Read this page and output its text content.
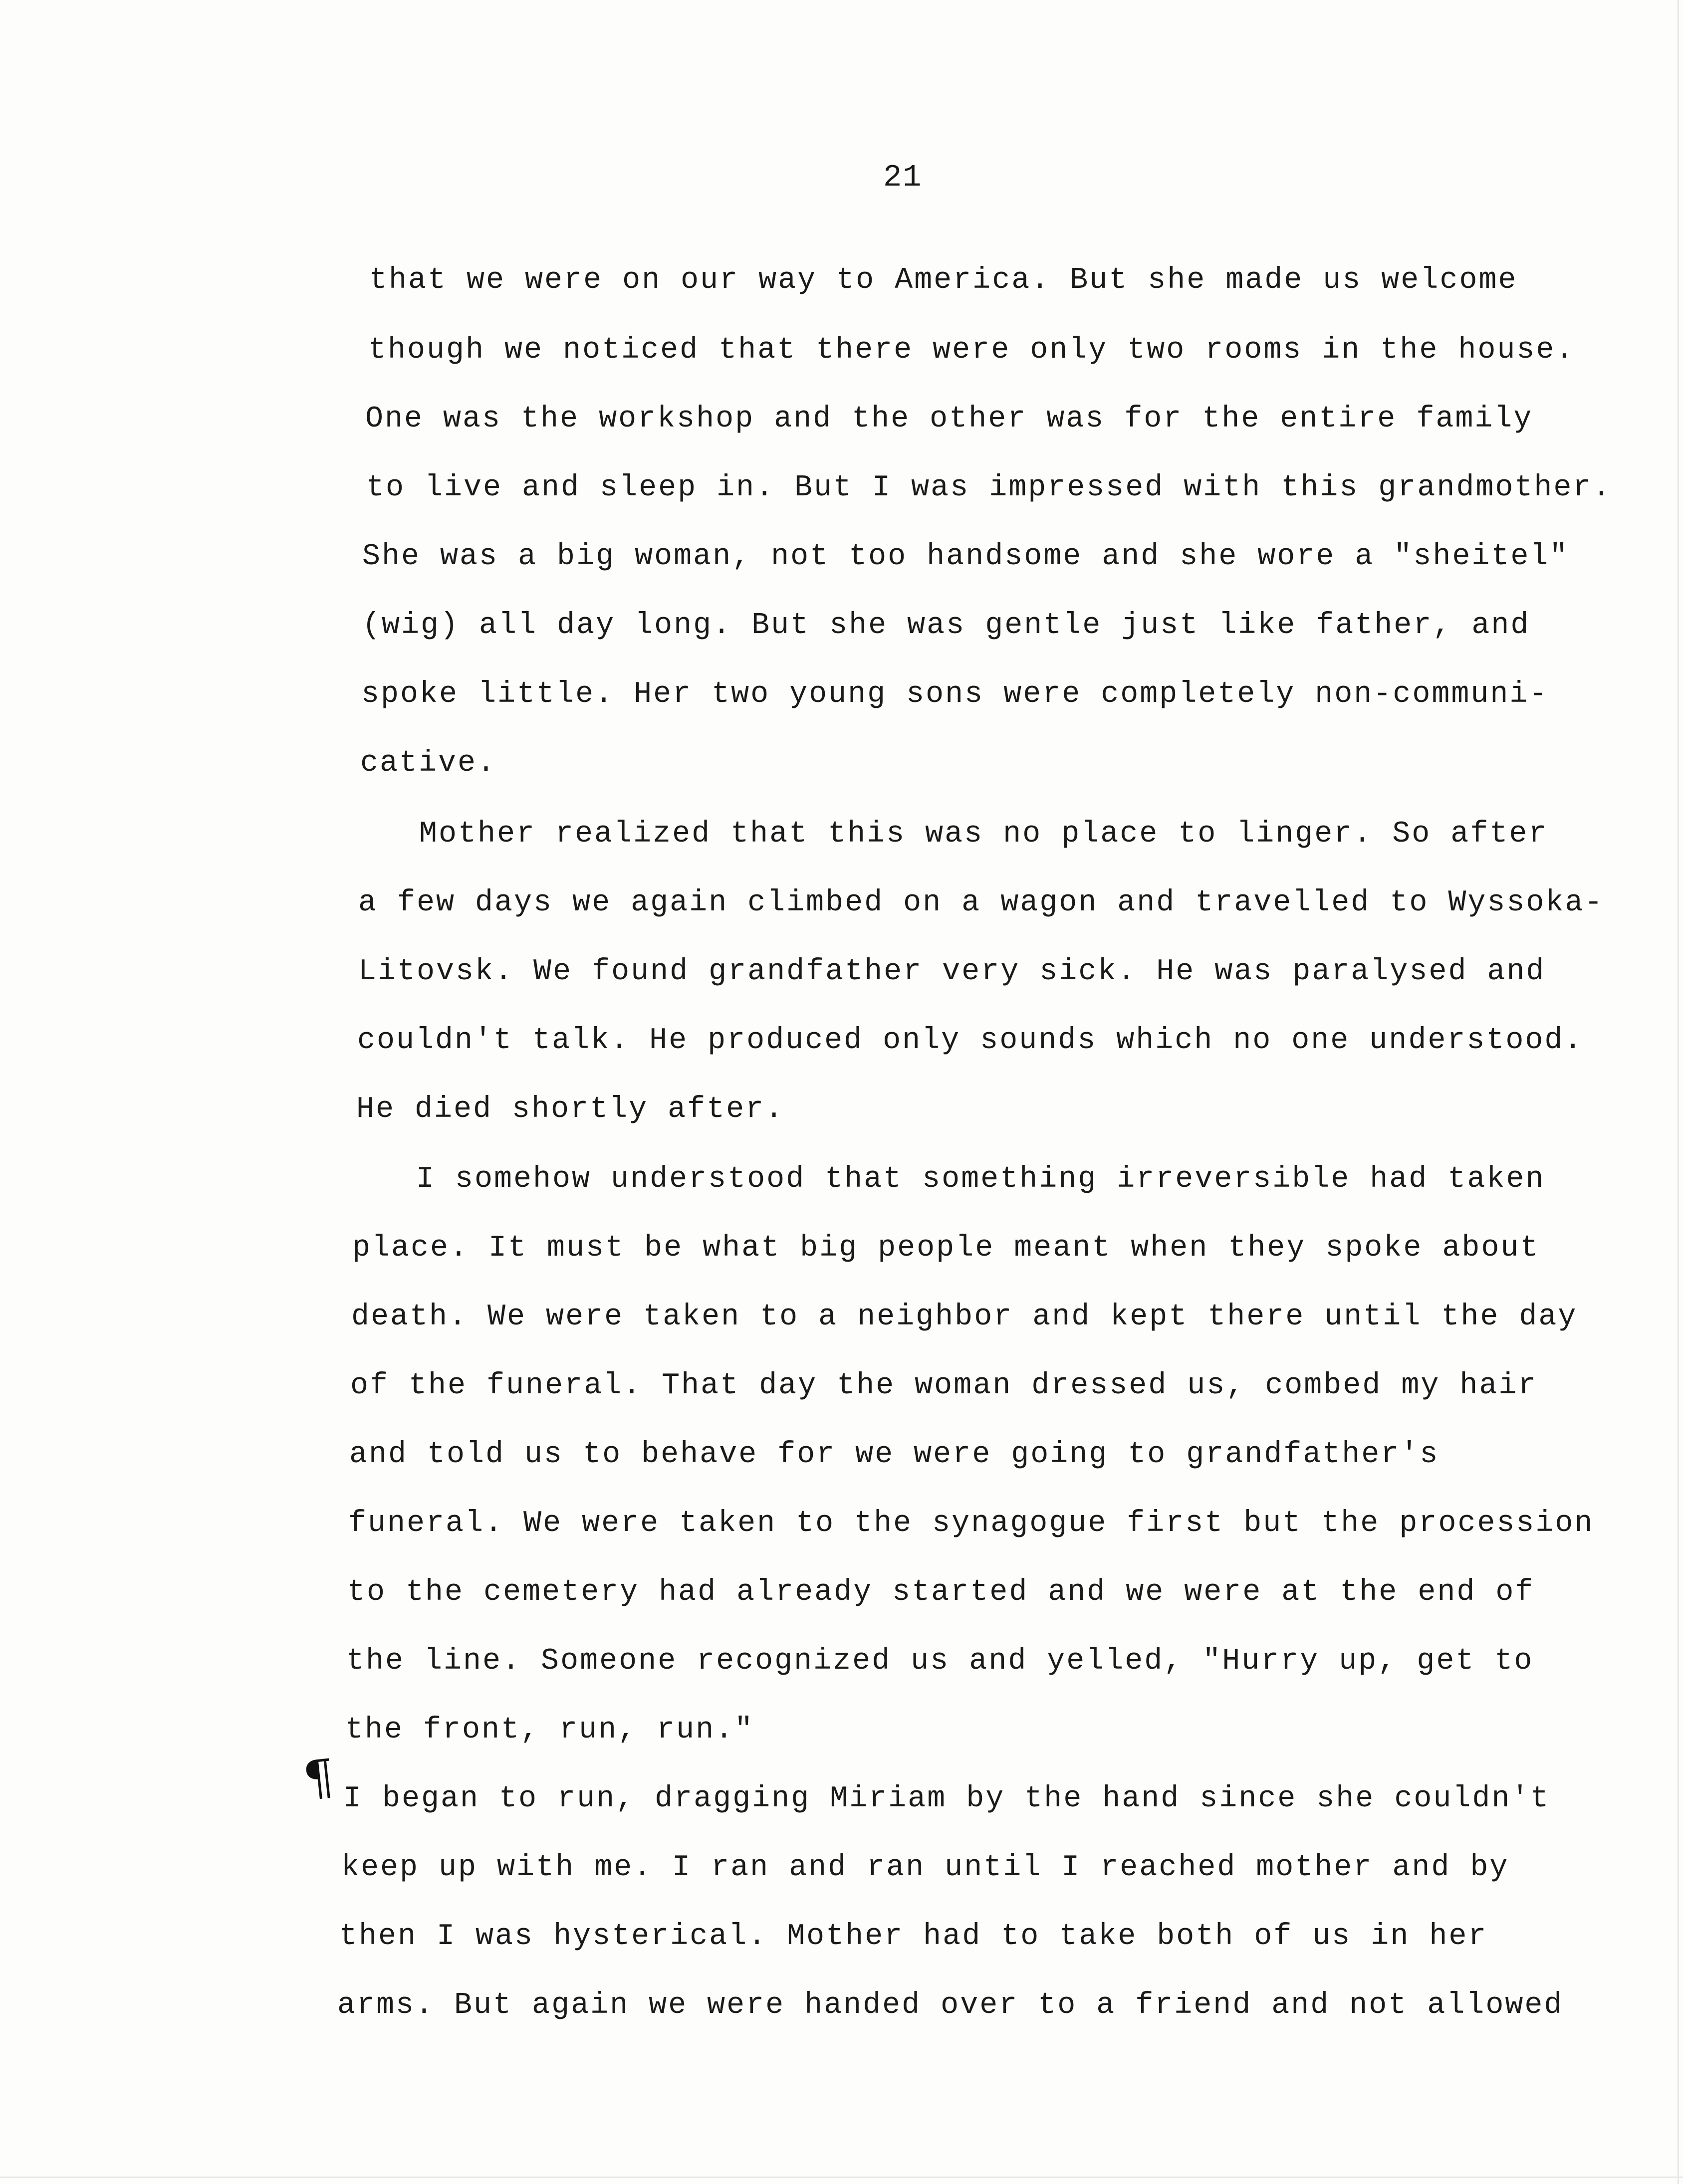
21
that we were on our way to America. But she made us welcome
though we noticed that there were only two rooms in the house.
One was the workshop and the other was for the entire family
to live and sleep in. But I was impressed with this grandmother.
She was a big woman, not too handsome and she wore a "sheitel"
(wig) all day long. But she was gentle just like father, and
spoke little. Her two young sons were completely non-communi-
cative.
Mother realized that this was no place to linger. So after
a few days we again climbed on a wagon and travelled to Wyssoka-
Litovsk. We found grandfather very sick. He was paralysed and
couldn't talk. He produced only sounds which no one understood.
He died shortly after.
I somehow understood that something irreversible had taken
place. It must be what big people meant when they spoke about
death. We were taken to a neighbor and kept there until the day
of the funeral. That day the woman dressed us, combed my hair
and told us to behave for we were going to grandfather's
funeral. We were taken to the synagogue first but the procession
to the cemetery had already started and we were at the end of
the line. Someone recognized us and yelled, "Hurry up, get to
the front, run, run."
¶ I began to run, dragging Miriam by the hand since she couldn't
keep up with me. I ran and ran until I reached mother and by
then I was hysterical. Mother had to take both of us in her
arms. But again we were handed over to a friend and not allowed
